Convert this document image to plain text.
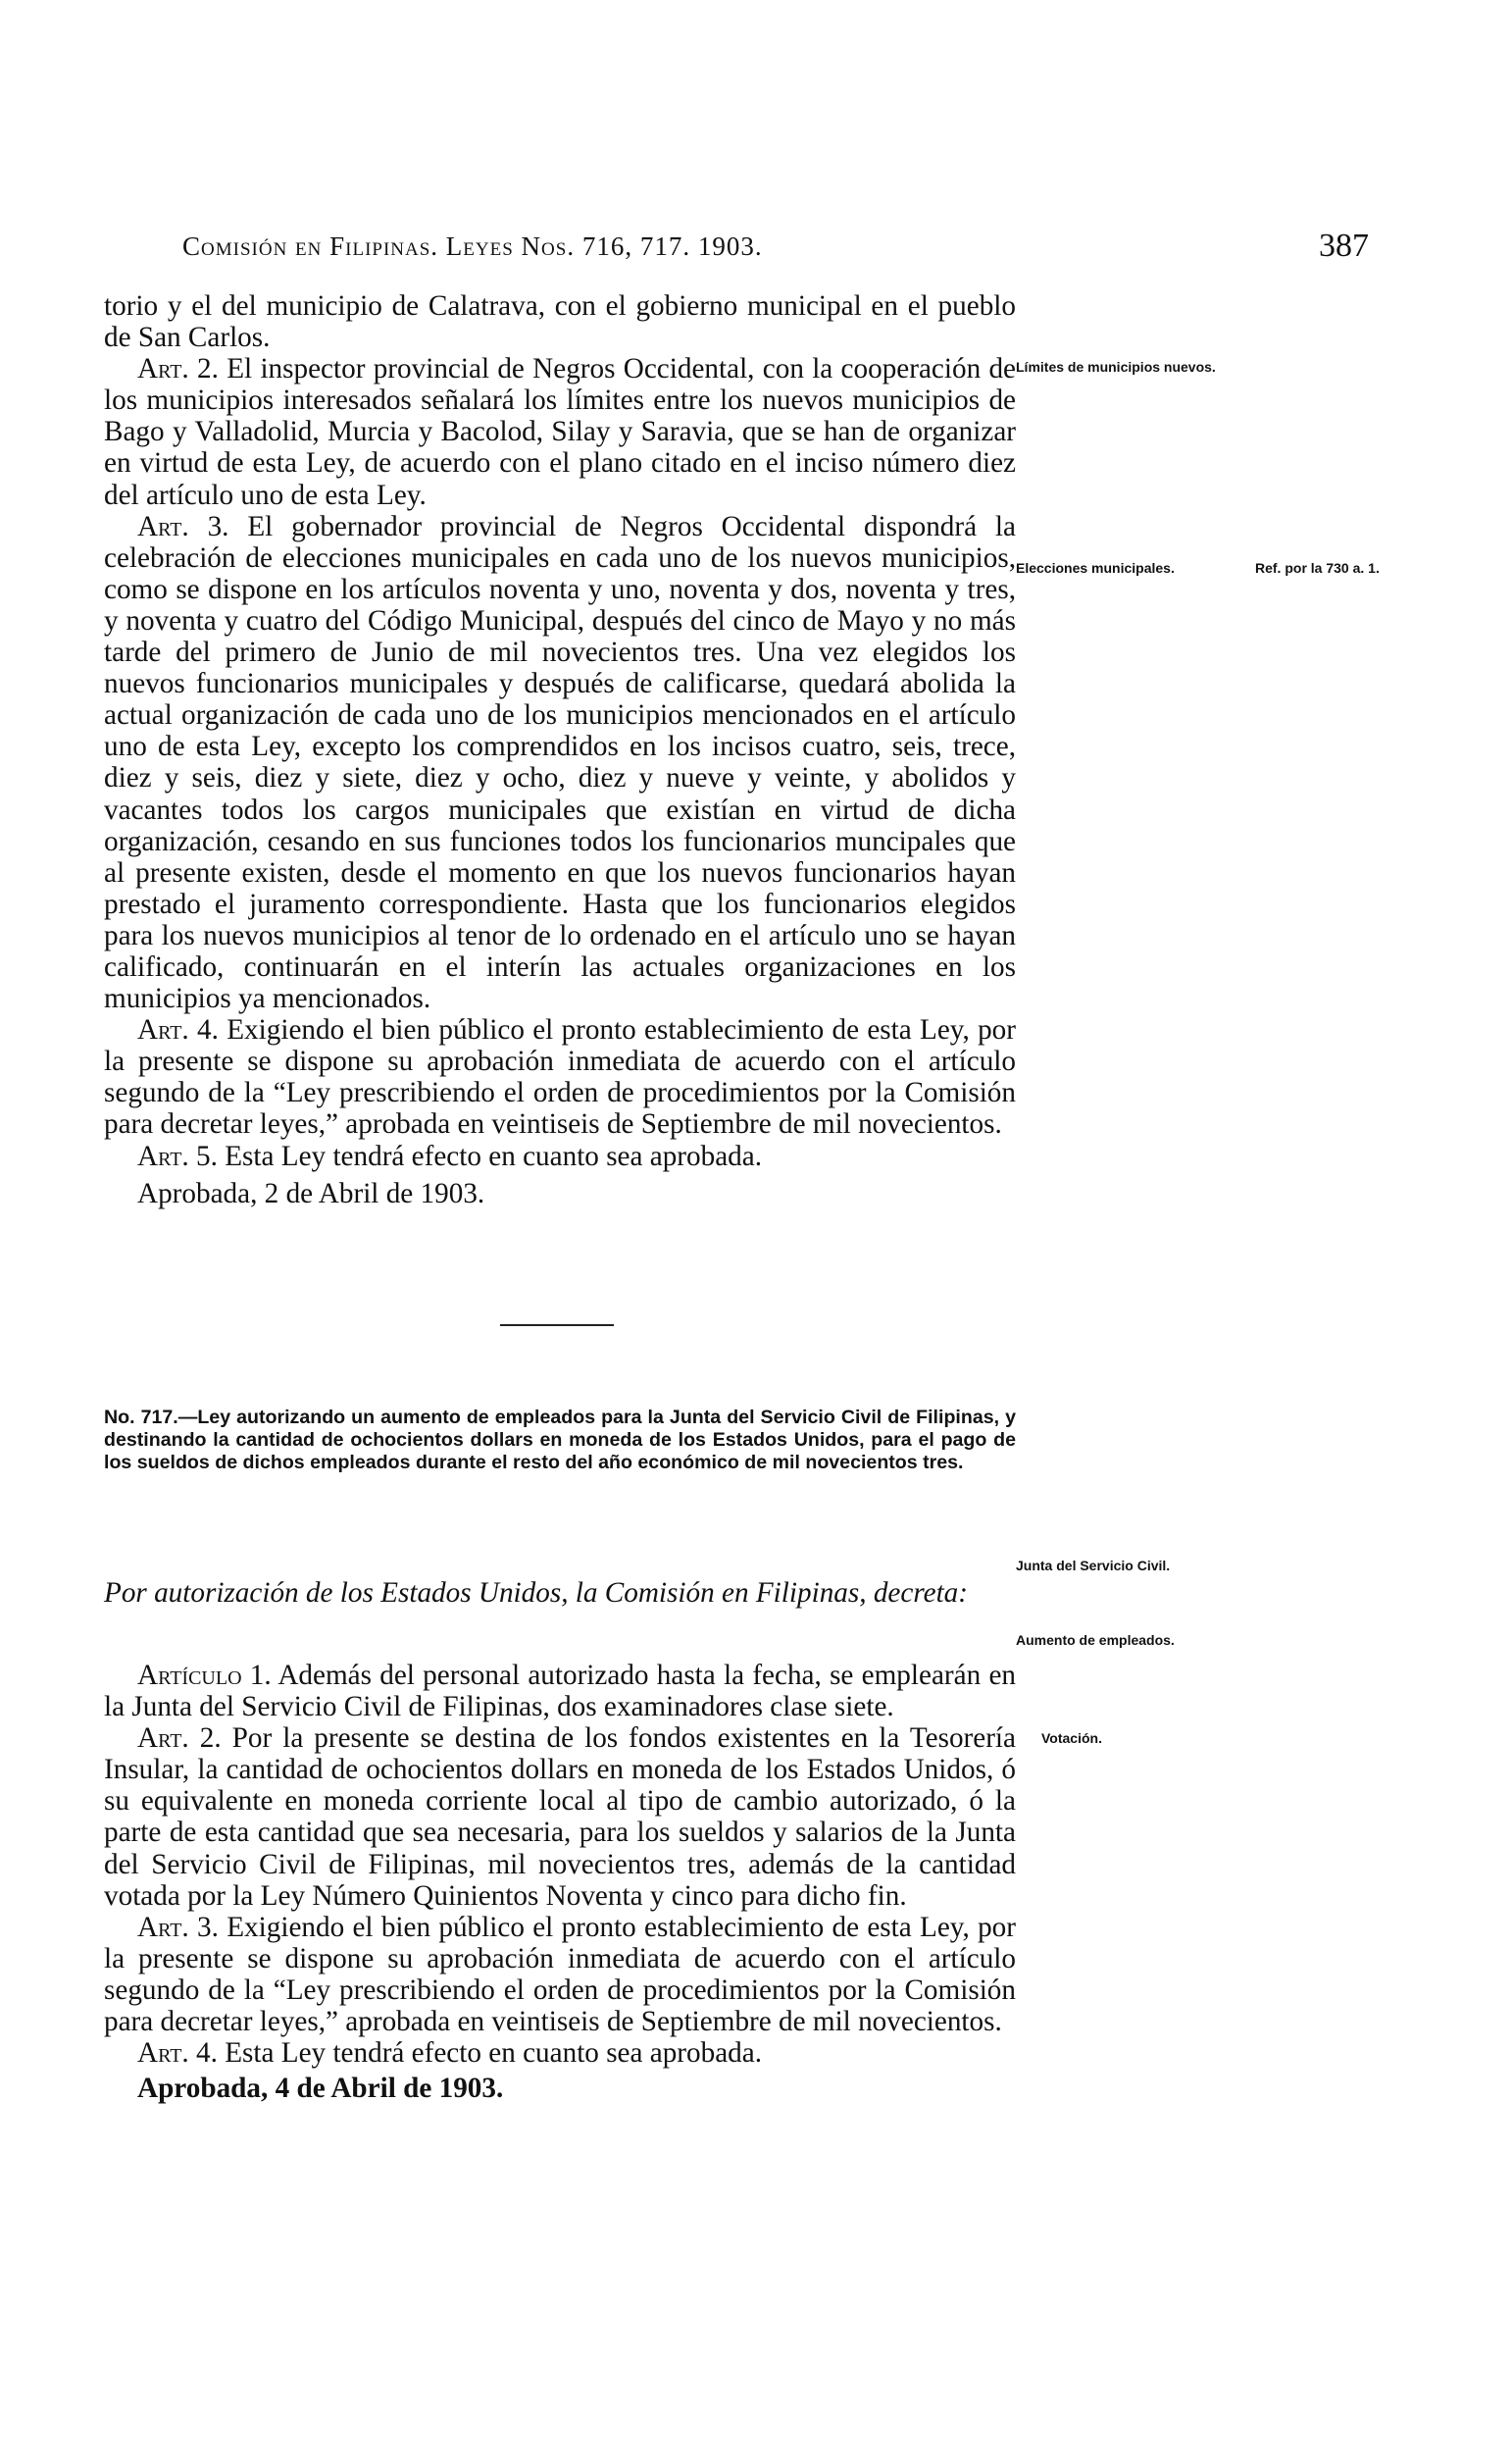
Comisión en Filipinas. Leyes Nos. 716, 717. 1903.	387

torio y el del municipio de Calatrava, con el gobierno municipal en el pueblo de San Carlos.

Art. 2. El inspector provincial de Negros Occidental, con la cooperación de los municipios interesados señalará los límites entre los nuevos municipios de Bago y Valladolid, Murcia y Bacolod, Silay y Saravia, que se han de organizar en virtud de esta Ley, de acuerdo con el plano citado en el inciso número diez del artículo uno de esta Ley.

Art. 3. El gobernador provincial de Negros Occidental dispondrá la celebración de elecciones municipales en cada uno de los nuevos municipios, como se dispone en los artículos noventa y uno, noventa y dos, noventa y tres, y noventa y cuatro del Código Municipal, después del cinco de Mayo y no más tarde del primero de Junio de mil novecientos tres. Una vez elegidos los nuevos funcionarios municipales y después de calificarse, quedará abolida la actual organización de cada uno de los municipios mencionados en el artículo uno de esta Ley, excepto los comprendidos en los incisos cuatro, seis, trece, diez y seis, diez y siete, diez y ocho, diez y nueve y veinte, y abolidos y vacantes todos los cargos municipales que existían en virtud de dicha organización, cesando en sus funciones todos los funcionarios muncipales que al presente existen, desde el momento en que los nuevos funcionarios hayan prestado el juramento correspondiente. Hasta que los funcionarios elegidos para los nuevos municipios al tenor de lo ordenado en el artículo uno se hayan calificado, continuarán en el interín las actuales organizaciones en los municipios ya mencionados.

Art. 4. Exigiendo el bien público el pronto establecimiento de esta Ley, por la presente se dispone su aprobación inmediata de acuerdo con el artículo segundo de la “Ley prescribiendo el orden de procedimientos por la Comisión para decretar leyes,” aprobada en veintiseis de Septiembre de mil novecientos.

Art. 5. Esta Ley tendrá efecto en cuanto sea aprobada.

Aprobada, 2 de Abril de 1903.

No. 717.—Ley autorizando un aumento de empleados para la Junta del Servicio Civil de Filipinas, y destinando la cantidad de ochocientos dollars en moneda de los Estados Unidos, para el pago de los sueldos de dichos empleados durante el resto del año económico de mil novecientos tres.

Por autorización de los Estados Unidos, la Comisión en Filipinas, decreta:

Artículo 1. Además del personal autorizado hasta la fecha, se emplearán en la Junta del Servicio Civil de Filipinas, dos examinadores clase siete.

Art. 2. Por la presente se destina de los fondos existentes en la Tesorería Insular, la cantidad de ochocientos dollars en moneda de los Estados Unidos, ó su equivalente en moneda corriente local al tipo de cambio autorizado, ó la parte de esta cantidad que sea necesaria, para los sueldos y salarios de la Junta del Servicio Civil de Filipinas, mil novecientos tres, además de la cantidad votada por la Ley Número Quinientos Noventa y cinco para dicho fin.

Art. 3. Exigiendo el bien público el pronto establecimiento de esta Ley, por la presente se dispone su aprobación inmediata de acuerdo con el artículo segundo de la “Ley prescribiendo el orden de procedimientos por la Comisión para decretar leyes,” aprobada en veintiseis de Septiembre de mil novecientos.

Art. 4. Esta Ley tendrá efecto en cuanto sea aprobada.

Aprobada, 4 de Abril de 1903.

Límites de municipios nuevos.

Elecciones municipales.	Ref. por la 730 a. 1.

Junta del Servicio Civil.

Aumento de empleados.

Votación.
